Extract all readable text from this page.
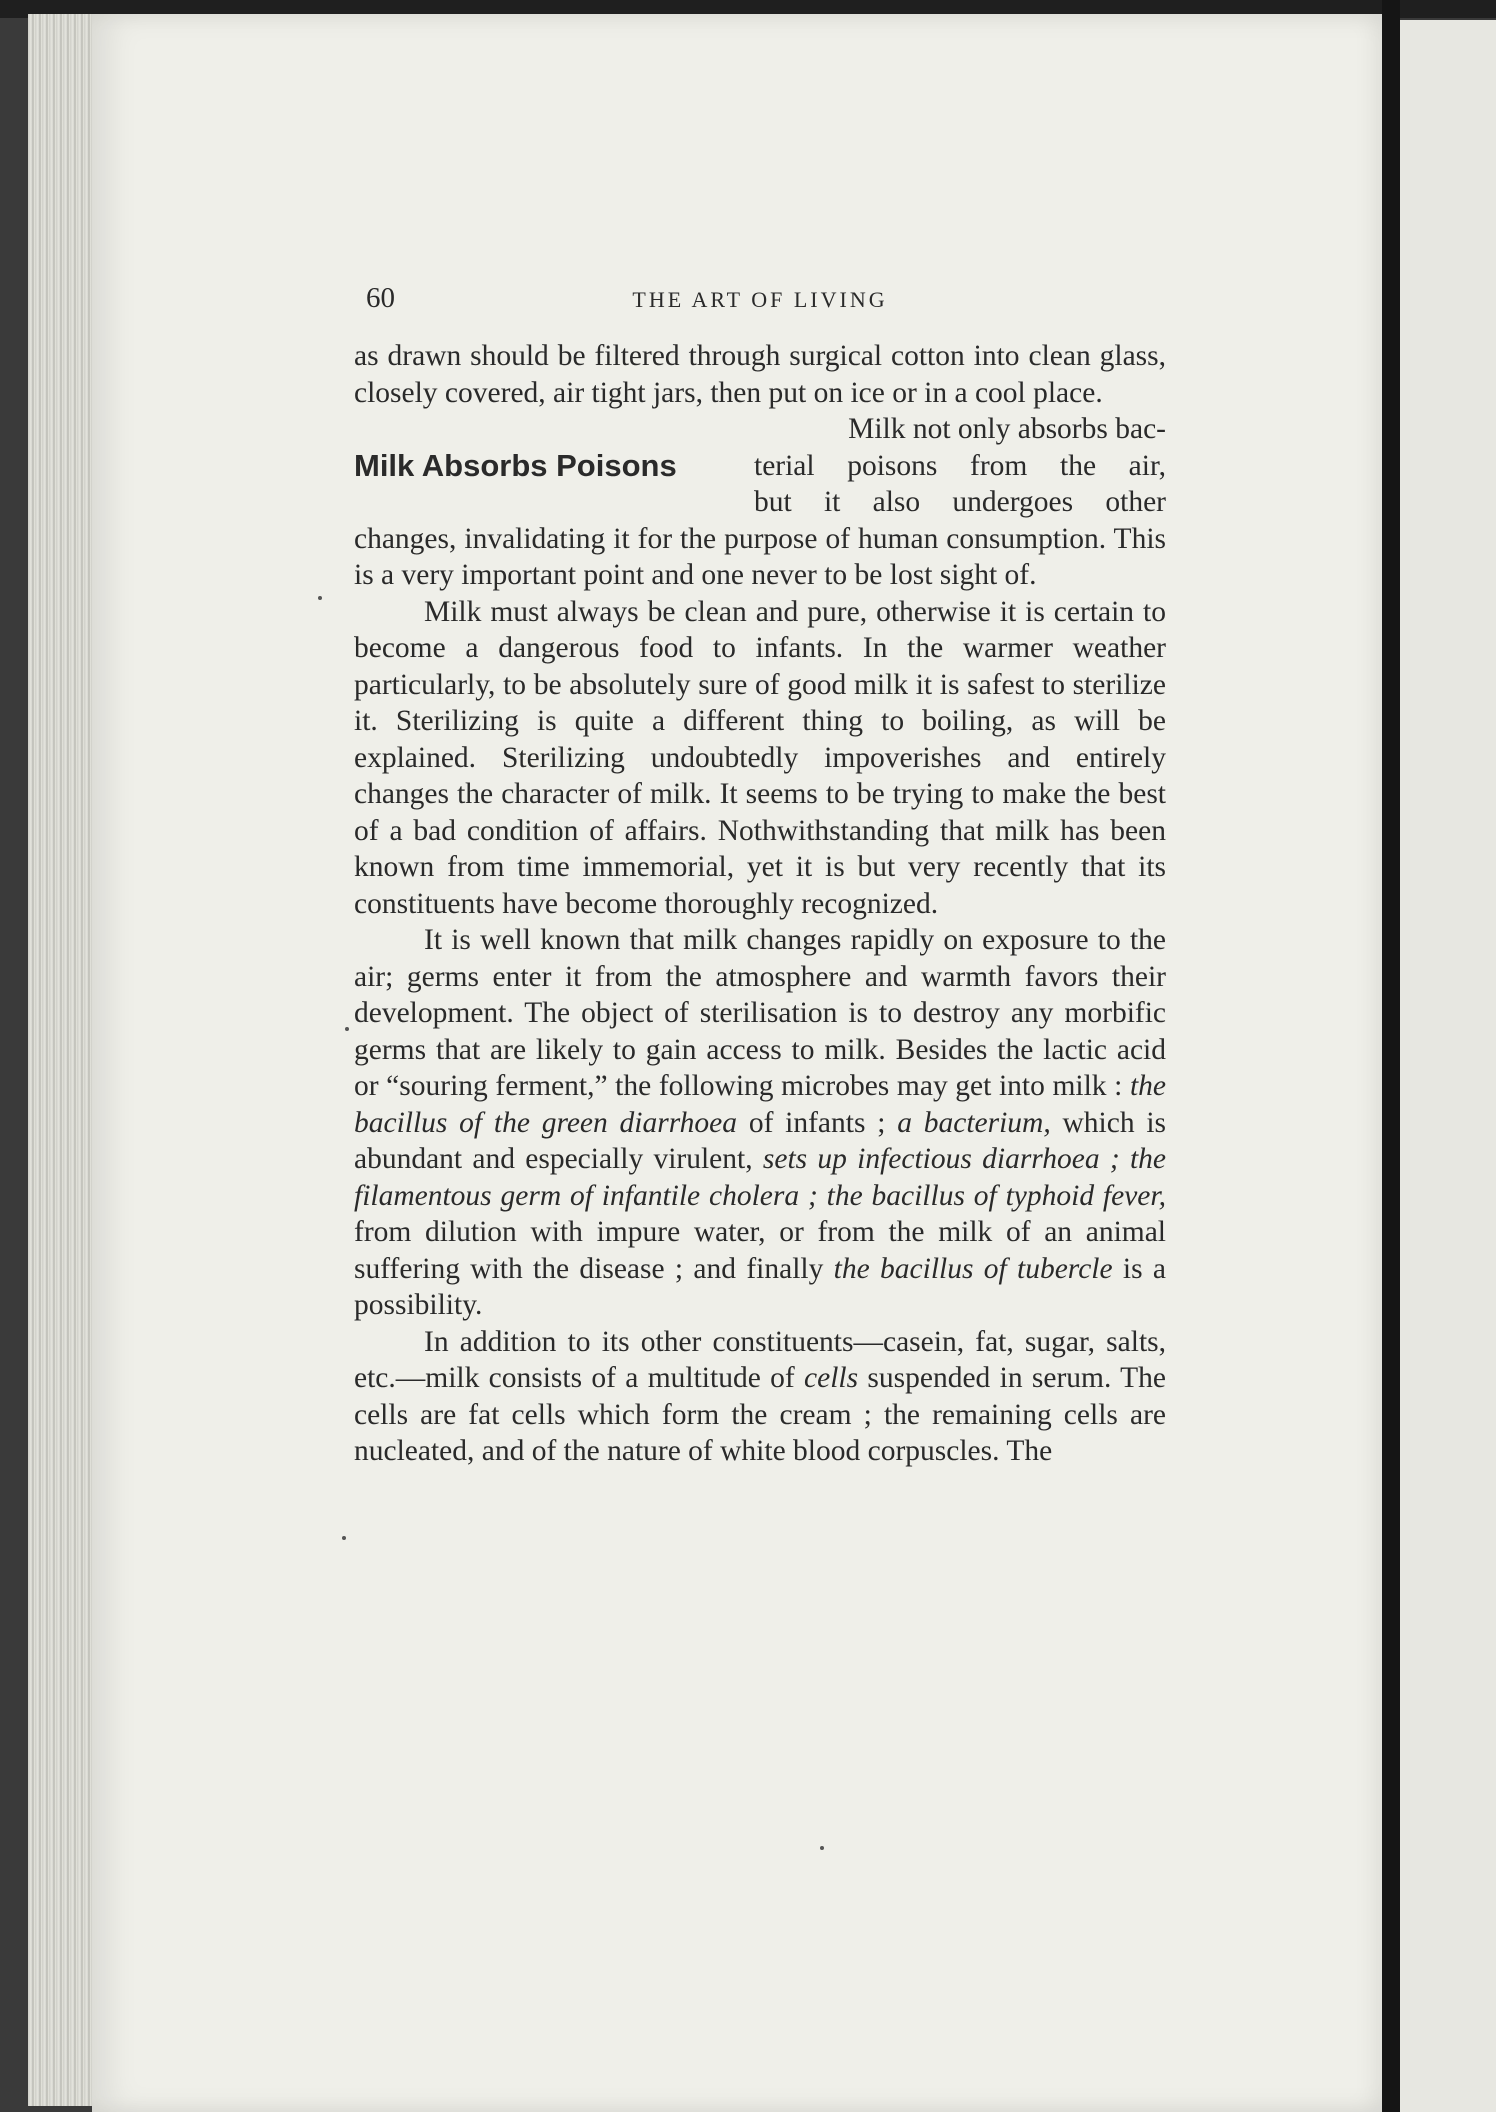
60	THE ART OF LIVING

as drawn should be filtered through surgical cotton into clean glass, closely covered, air tight jars, then put on ice or in a cool place.

Milk Absorbs Poisons
Milk not only absorbs bac-
terial poisons from the air,
but it also undergoes other

changes, invalidating it for the purpose of human consumption. This is a very important point and one never to be lost sight of.

Milk must always be clean and pure, otherwise it is certain to become a dangerous food to infants. In the warmer weather particularly, to be absolutely sure of good milk it is safest to sterilize it. Sterilizing is quite a different thing to boiling, as will be explained. Sterilizing undoubtedly impoverishes and entirely changes the character of milk. It seems to be trying to make the best of a bad condition of affairs. Nothwithstanding that milk has been known from time immemorial, yet it is but very recently that its constituents have become thoroughly recognized.

It is well known that milk changes rapidly on exposure to the air; germs enter it from the atmosphere and warmth favors their development. The object of sterilisation is to destroy any morbific germs that are likely to gain access to milk. Besides the lactic acid or “souring ferment,” the following microbes may get into milk : the bacillus of the green diarrhoea of infants ; a bacterium, which is abundant and especially virulent, sets up infectious diarrhoea ; the filamentous germ of infantile cholera ; the bacillus of typhoid fever, from dilution with impure water, or from the milk of an animal suffering with the disease ; and finally the bacillus of tubercle is a possibility.

In addition to its other constituents—casein, fat, sugar, salts, etc.—milk consists of a multitude of cells suspended in serum. The cells are fat cells which form the cream ; the remaining cells are nucleated, and of the nature of white blood corpuscles. The
